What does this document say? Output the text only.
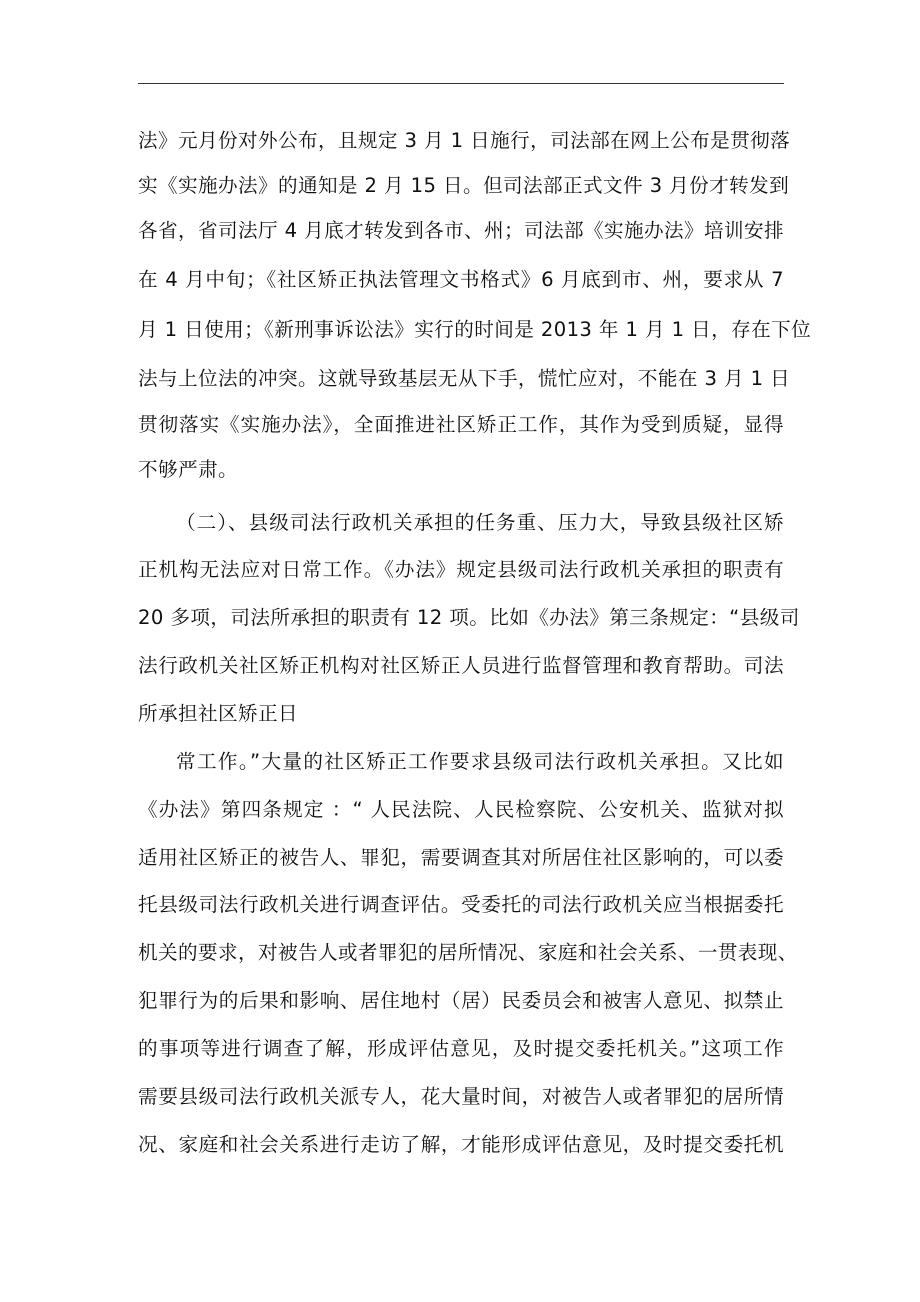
法》元月份对外公布，且规定 3 月 1 日施行，司法部在网上公布是贯彻落
实《实施办法》的通知是 2 月 15 日。但司法部正式文件 3 月份才转发到
各省，省司法厅 4 月底才转发到各市、州；司法部《实施办法》培训安排
在 4 月中旬；《社区矫正执法管理文书格式》6 月底到市、州，要求从 7
月 1 日使用；《新刑事诉讼法》实行的时间是 2013 年 1 月 1 日，存在下位
法与上位法的冲突。这就导致基层无从下手，慌忙应对，不能在 3 月 1 日
贯彻落实《实施办法》，全面推进社区矫正工作，其作为受到质疑，显得
不够严肃。
（二）、县级司法行政机关承担的任务重、压力大，导致县级社区矫
正机构无法应对日常工作。《办法》规定县级司法行政机关承担的职责有
20 多项，司法所承担的职责有 12 项。比如《办法》第三条规定：“县级司
法行政机关社区矫正机构对社区矫正人员进行监督管理和教育帮助。司法
所承担社区矫正日
常工作。”大量的社区矫正工作要求县级司法行政机关承担。又比如
《办法》第四条规定 ：“ 人民法院、人民检察院、公安机关、监狱对拟
适用社区矫正的被告人、罪犯，需要调查其对所居住社区影响的，可以委
托县级司法行政机关进行调查评估。受委托的司法行政机关应当根据委托
机关的要求，对被告人或者罪犯的居所情况、家庭和社会关系、一贯表现、
犯罪行为的后果和影响、居住地村（居）民委员会和被害人意见、拟禁止
的事项等进行调查了解，形成评估意见，及时提交委托机关。”这项工作
需要县级司法行政机关派专人，花大量时间，对被告人或者罪犯的居所情
况、家庭和社会关系进行走访了解，才能形成评估意见，及时提交委托机
